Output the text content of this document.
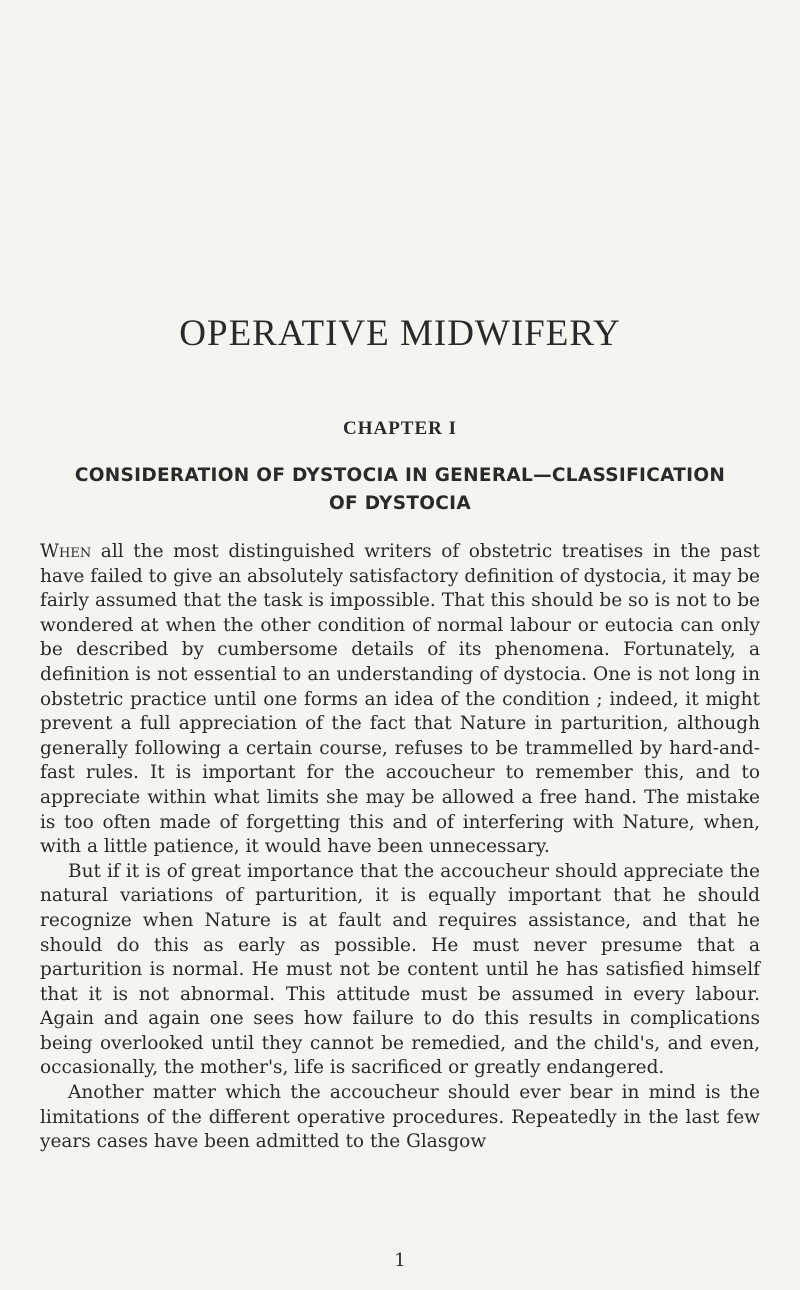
OPERATIVE MIDWIFERY
CHAPTER I
CONSIDERATION OF DYSTOCIA IN GENERAL—CLASSIFICATION
OF DYSTOCIA

When all the most distinguished writers of obstetric treatises in the past have failed to give an absolutely satisfactory definition of dystocia, it may be fairly assumed that the task is impossible. That this should be so is not to be wondered at when the other condition of normal labour or eutocia can only be described by cumbersome details of its phenomena. Fortunately, a definition is not essential to an understanding of dystocia. One is not long in obstetric practice until one forms an idea of the condition ; indeed, it might prevent a full appreciation of the fact that Nature in parturition, although generally following a certain course, refuses to be trammelled by hard-and-fast rules. It is important for the accoucheur to remember this, and to appreciate within what limits she may be allowed a free hand. The mistake is too often made of forgetting this and of interfering with Nature, when, with a little patience, it would have been unnecessary.

But if it is of great importance that the accoucheur should appreciate the natural variations of parturition, it is equally important that he should recognize when Nature is at fault and requires assistance, and that he should do this as early as possible. He must never presume that a parturition is normal. He must not be content until he has satisfied himself that it is not abnormal. This attitude must be assumed in every labour. Again and again one sees how failure to do this results in complications being overlooked until they cannot be remedied, and the child's, and even, occasionally, the mother's, life is sacrificed or greatly endangered.

Another matter which the accoucheur should ever bear in mind is the limitations of the different operative procedures. Repeatedly in the last few years cases have been admitted to the Glasgow

1
